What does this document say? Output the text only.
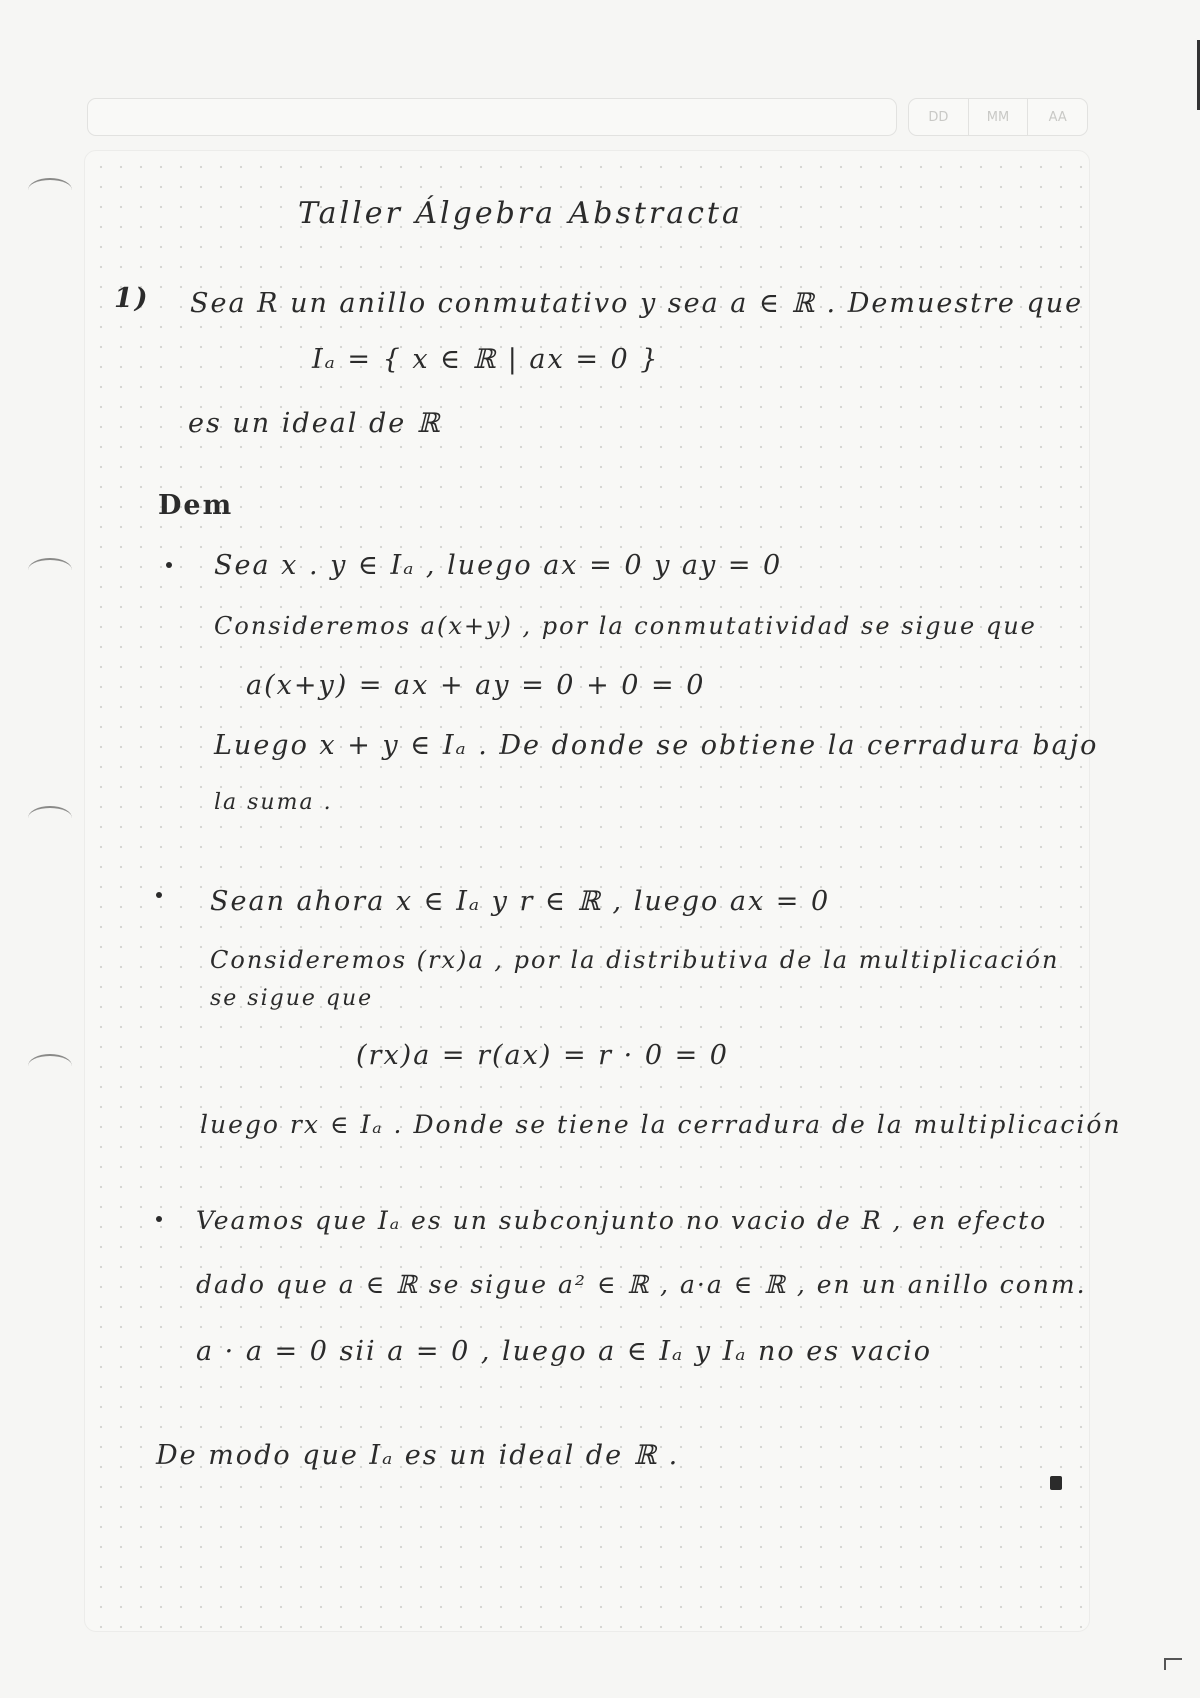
DD	MM	AA
Taller Álgebra Abstracta
1) Sea R un anillo conmutativo y sea a ∈ ℝ . Demuestre que
Iₐ = { x ∈ ℝ | ax = 0 }
es un ideal de ℝ
Dem
Sea x . y ∈ Iₐ , luego ax = 0 y ay = 0
Consideremos a(x+y) , por la conmutatividad se sigue que
a(x+y) = ax + ay = 0 + 0 = 0
Luego x + y ∈ Iₐ . De donde se obtiene la cerradura bajo
la suma .
Sean ahora x ∈ Iₐ y r ∈ ℝ , luego ax = 0
Consideremos (rx)a , por la distributiva de la multiplicación
se sigue que
(rx)a = r(ax) = r · 0 = 0
luego rx ∈ Iₐ . Donde se tiene la cerradura de la multiplicación
Veamos que Iₐ es un subconjunto no vacio de R , en efecto
dado que a ∈ ℝ se sigue a² ∈ ℝ , a·a ∈ ℝ , en un anillo conm.
a · a = 0 sii a = 0 , luego a ∈ Iₐ y Iₐ no es vacio
De modo que Iₐ es un ideal de ℝ .
